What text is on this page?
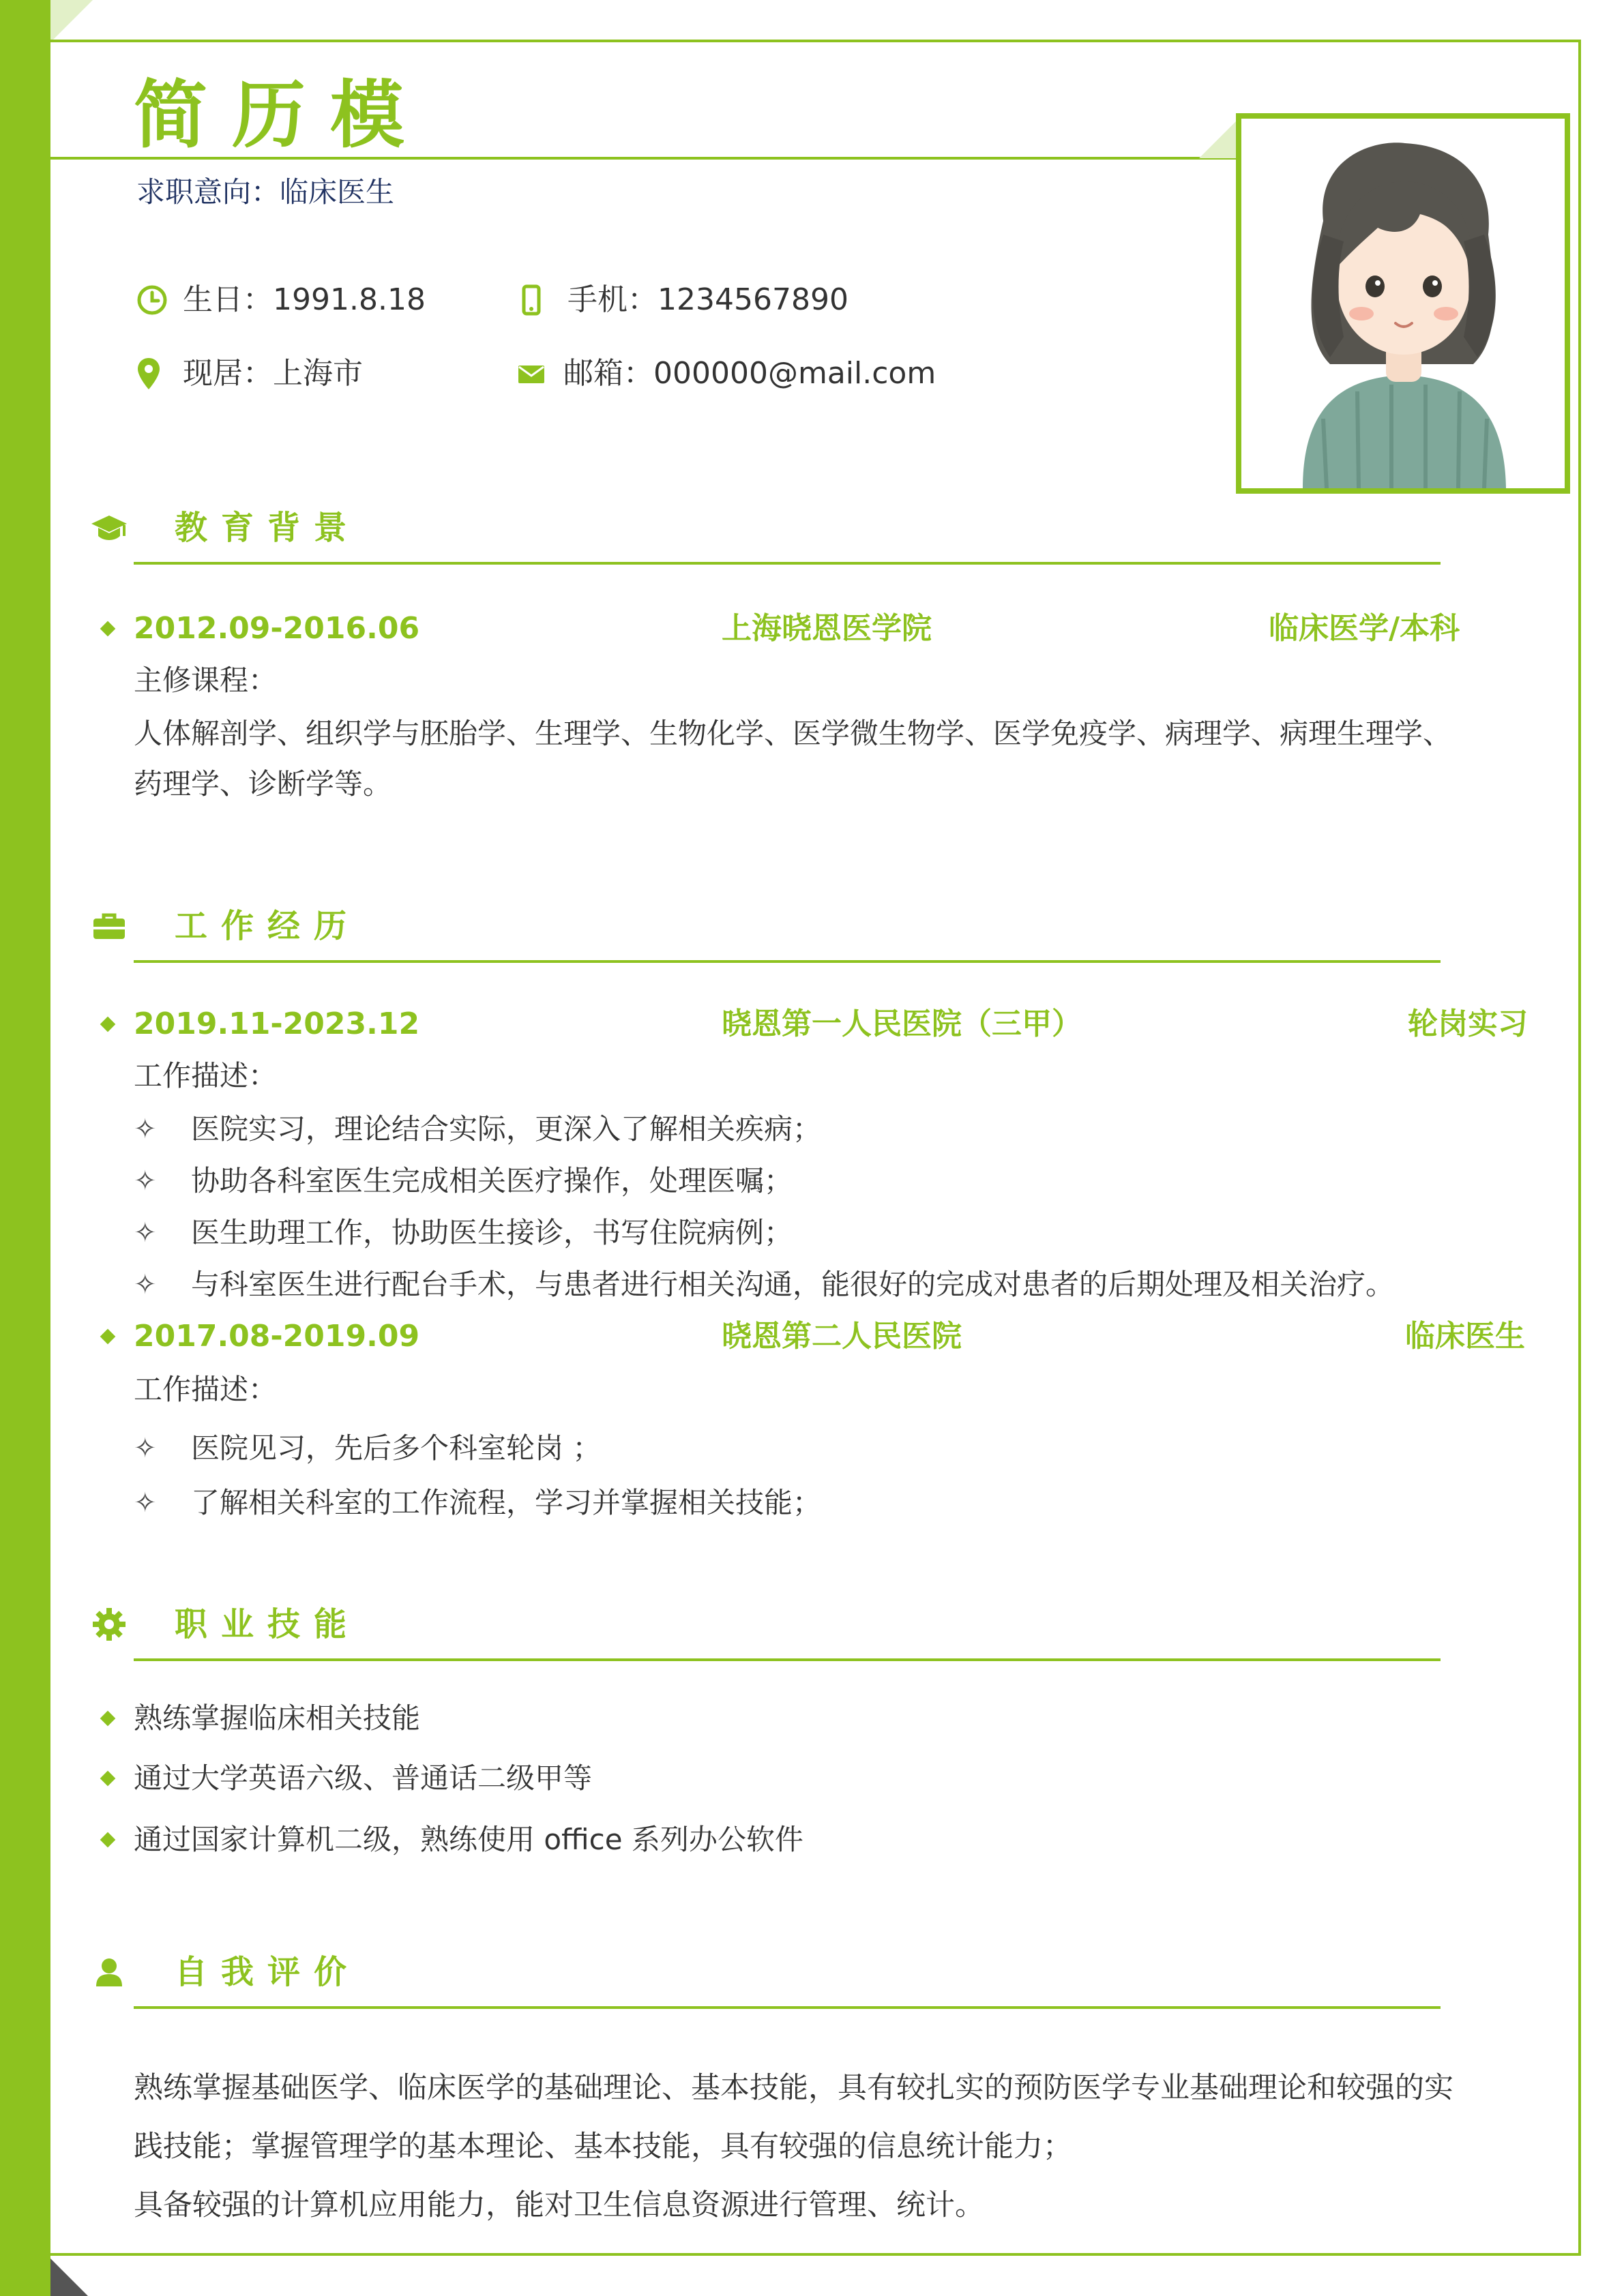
简历模
求职意向：临床医生
生日： 1991.8.18	手机： 1234567890
现居： 上海市	邮箱： 000000@mail.com
教育背景
2012.09-2016.06	上海晓恩医学院	临床医学/本科
主修课程：
人体解剖学、组织学与胚胎学、生理学、生物化学、医学微生物学、医学免疫学、病理学、病理生理学、
药理学、诊断学等。
工作经历
2019.11-2023.12	晓恩第一人民医院（三甲）	轮岗实习
工作描述：
✧ 医院实习，理论结合实际，更深入了解相关疾病；
✧ 协助各科室医生完成相关医疗操作，处理医嘱；
✧ 医生助理工作，协助医生接诊，书写住院病例；
✧ 与科室医生进行配台手术，与患者进行相关沟通，能很好的完成对患者的后期处理及相关治疗。
2017.08-2019.09	晓恩第二人民医院	临床医生
工作描述：
✧ 医院见习，先后多个科室轮岗 ；
✧ 了解相关科室的工作流程，学习并掌握相关技能；
职业技能
熟练掌握临床相关技能
通过大学英语六级、普通话二级甲等
通过国家计算机二级，熟练使用 office 系列办公软件
自我评价
熟练掌握基础医学、临床医学的基础理论、基本技能，具有较扎实的预防医学专业基础理论和较强的实
践技能；掌握管理学的基本理论、基本技能，具有较强的信息统计能力；
具备较强的计算机应用能力，能对卫生信息资源进行管理、统计。
